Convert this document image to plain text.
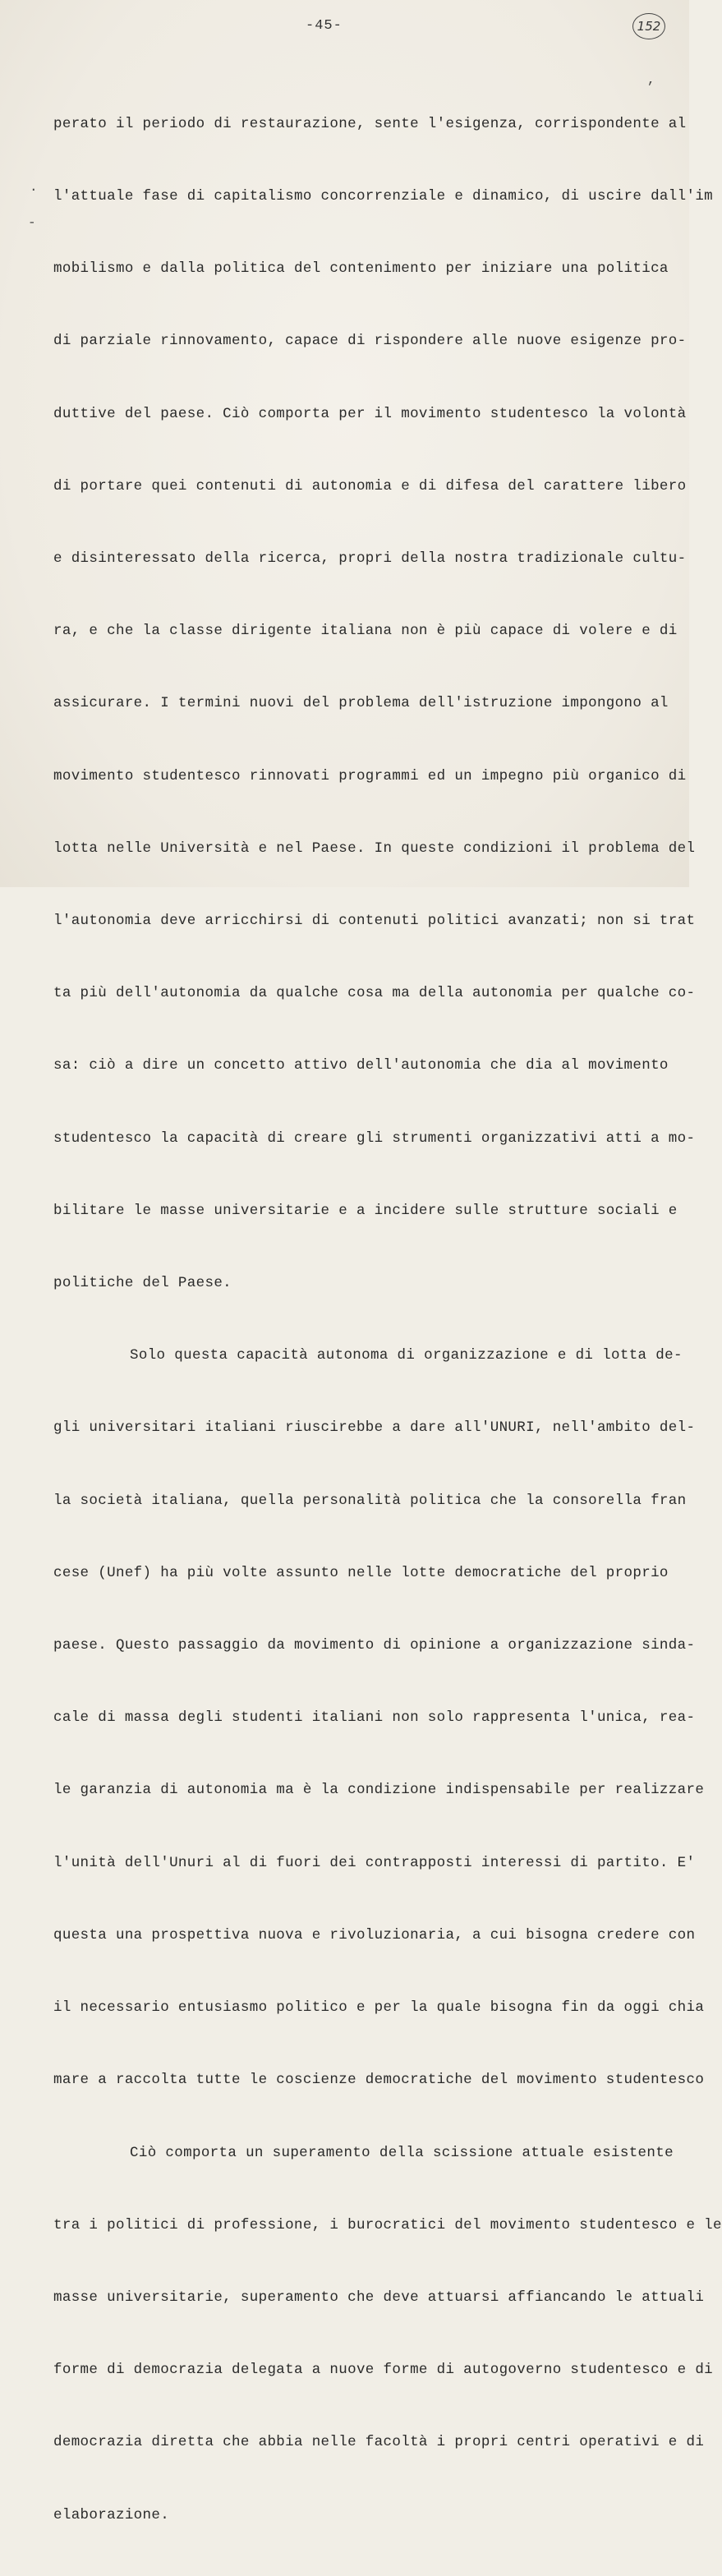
-45-	152
,
·
-

perato il periodo di restaurazione, sente l'esigenza, corrispondente al

l'attuale fase di capitalismo concorrenziale e dinamico, di uscire dall'im

mobilismo e dalla politica del contenimento per iniziare una politica

di parziale rinnovamento, capace di rispondere alle nuove esigenze pro-

duttive del paese. Ciò comporta per il movimento studentesco la volontà

di portare quei contenuti di autonomia e di difesa del carattere libero

e disinteressato della ricerca, propri della nostra tradizionale cultu-

ra, e che la classe dirigente italiana non è più capace di volere e di

assicurare. I termini nuovi del problema dell'istruzione impongono al

movimento studentesco rinnovati programmi ed un impegno più organico di

lotta nelle Università e nel Paese. In queste condizioni il problema del

l'autonomia deve arricchirsi di contenuti politici avanzati; non si trat

ta più dell'autonomia da qualche cosa ma della autonomia per qualche co-

sa: ciò a dire un concetto attivo dell'autonomia che dia al movimento

studentesco la capacità di creare gli strumenti organizzativi atti a mo-

bilitare le masse universitarie e a incidere sulle strutture sociali e

politiche del Paese.

Solo questa capacità autonoma di organizzazione e di lotta de-

gli universitari italiani riuscirebbe a dare all'UNURI, nell'ambito del-

la società italiana, quella personalità politica che la consorella fran

cese (Unef) ha più volte assunto nelle lotte democratiche del proprio

paese. Questo passaggio da movimento di opinione a organizzazione sinda-

cale di massa degli studenti italiani non solo rappresenta l'unica, rea-

le garanzia di autonomia ma è la condizione indispensabile per realizzare

l'unità dell'Unuri al di fuori dei contrapposti interessi di partito. E'

questa una prospettiva nuova e rivoluzionaria, a cui bisogna credere con

il necessario entusiasmo politico e per la quale bisogna fin da oggi chia

mare a raccolta tutte le coscienze democratiche del movimento studentesco

Ciò comporta un superamento della scissione attuale esistente

tra i politici di professione, i burocratici del movimento studentesco e le

masse universitarie, superamento che deve attuarsi affiancando le attuali

forme di democrazia delegata a nuove forme di autogoverno studentesco e di

democrazia diretta che abbia nelle facoltà i propri centri operativi e di

elaborazione.
